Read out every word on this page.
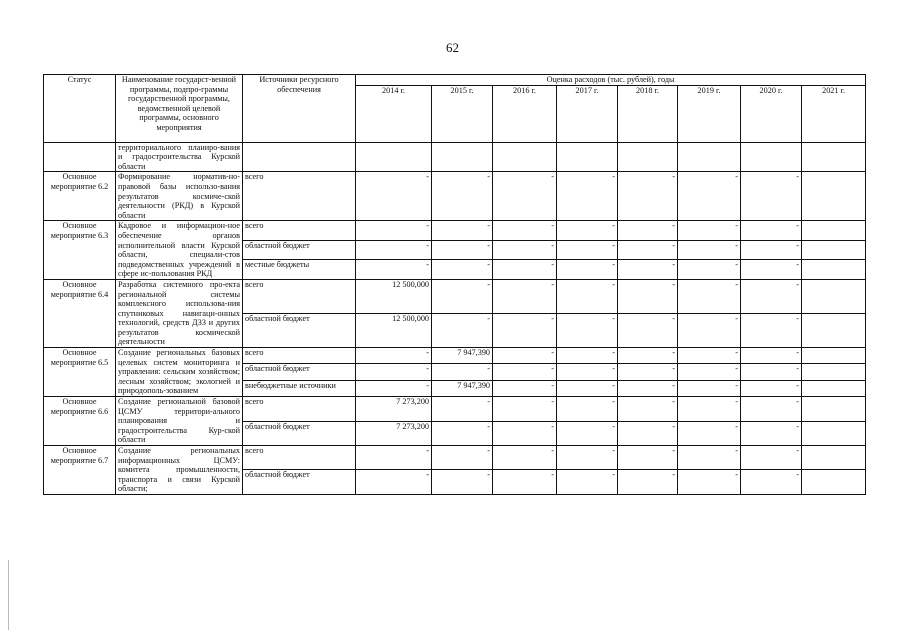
62
Статус	Наименование государст-венной программы, подпро-граммы государственной программы, ведомственной целевой программы, основного мероприятия	Источники ресурсного обеспечения	Оценка расходов (тыс. рублей), годы							
			2014 г.	2015 г.	2016 г.	2017 г.	2018 г.	2019 г.	2020 г.	2021 г.
	территориального планиро-вания и градостроительства Курской области									
Основное мероприятие 6.2	Формирование норматив-но-правовой базы использо-вания результатов космиче-ской деятельности (РКД) в Курской области	всего	-	-	-	-	-	-	-	
Основное мероприятие 6.3	Кадровое и информацион-ное обеспечение органов исполнительной власти Курской области, специали-стов подведомственных учреждений в сфере ис-пользования РКД	всего	-	-	-	-	-	-	-	
		областной бюджет	-	-	-	-	-	-	-	
		местные бюджеты	-	-	-	-	-	-	-	
Основное мероприятие 6.4	Разработка системного про-екта региональной системы комплексного использова-ния спутниковых навигаци-онных технологий, средств ДЗЗ и других результатов космической деятельности	всего	12 500,000	-	-	-	-	-	-	
		областной бюджет	12 500,000	-	-	-	-	-	-	
Основное мероприятие 6.5	Создание региональных базовых целевых систем мониторинга и управления: сельским хозяйством; лесным хозяйством; экологией и природополь-зованием	всего	-	7 947,390	-	-	-	-	-	
		областной бюджет	-	-	-	-	-	-	-	
		внебюджетные источники	-	7 947,390	-	-	-	-	-	
Основное мероприятие 6.6	Создание региональной базовой ЦСМУ территори-ального планирования и градостроительства Кур-ской области	всего	7 273,200	-	-	-	-	-	-	
		областной бюджет	7 273,200	-	-	-	-	-	-	
Основное мероприятие 6.7	Создание региональных информационных ЦСМУ: комитета промышленности, транспорта и связи Курской области;	всего	-	-	-	-	-	-	-	
		областной бюджет	-	-	-	-	-	-	-	
